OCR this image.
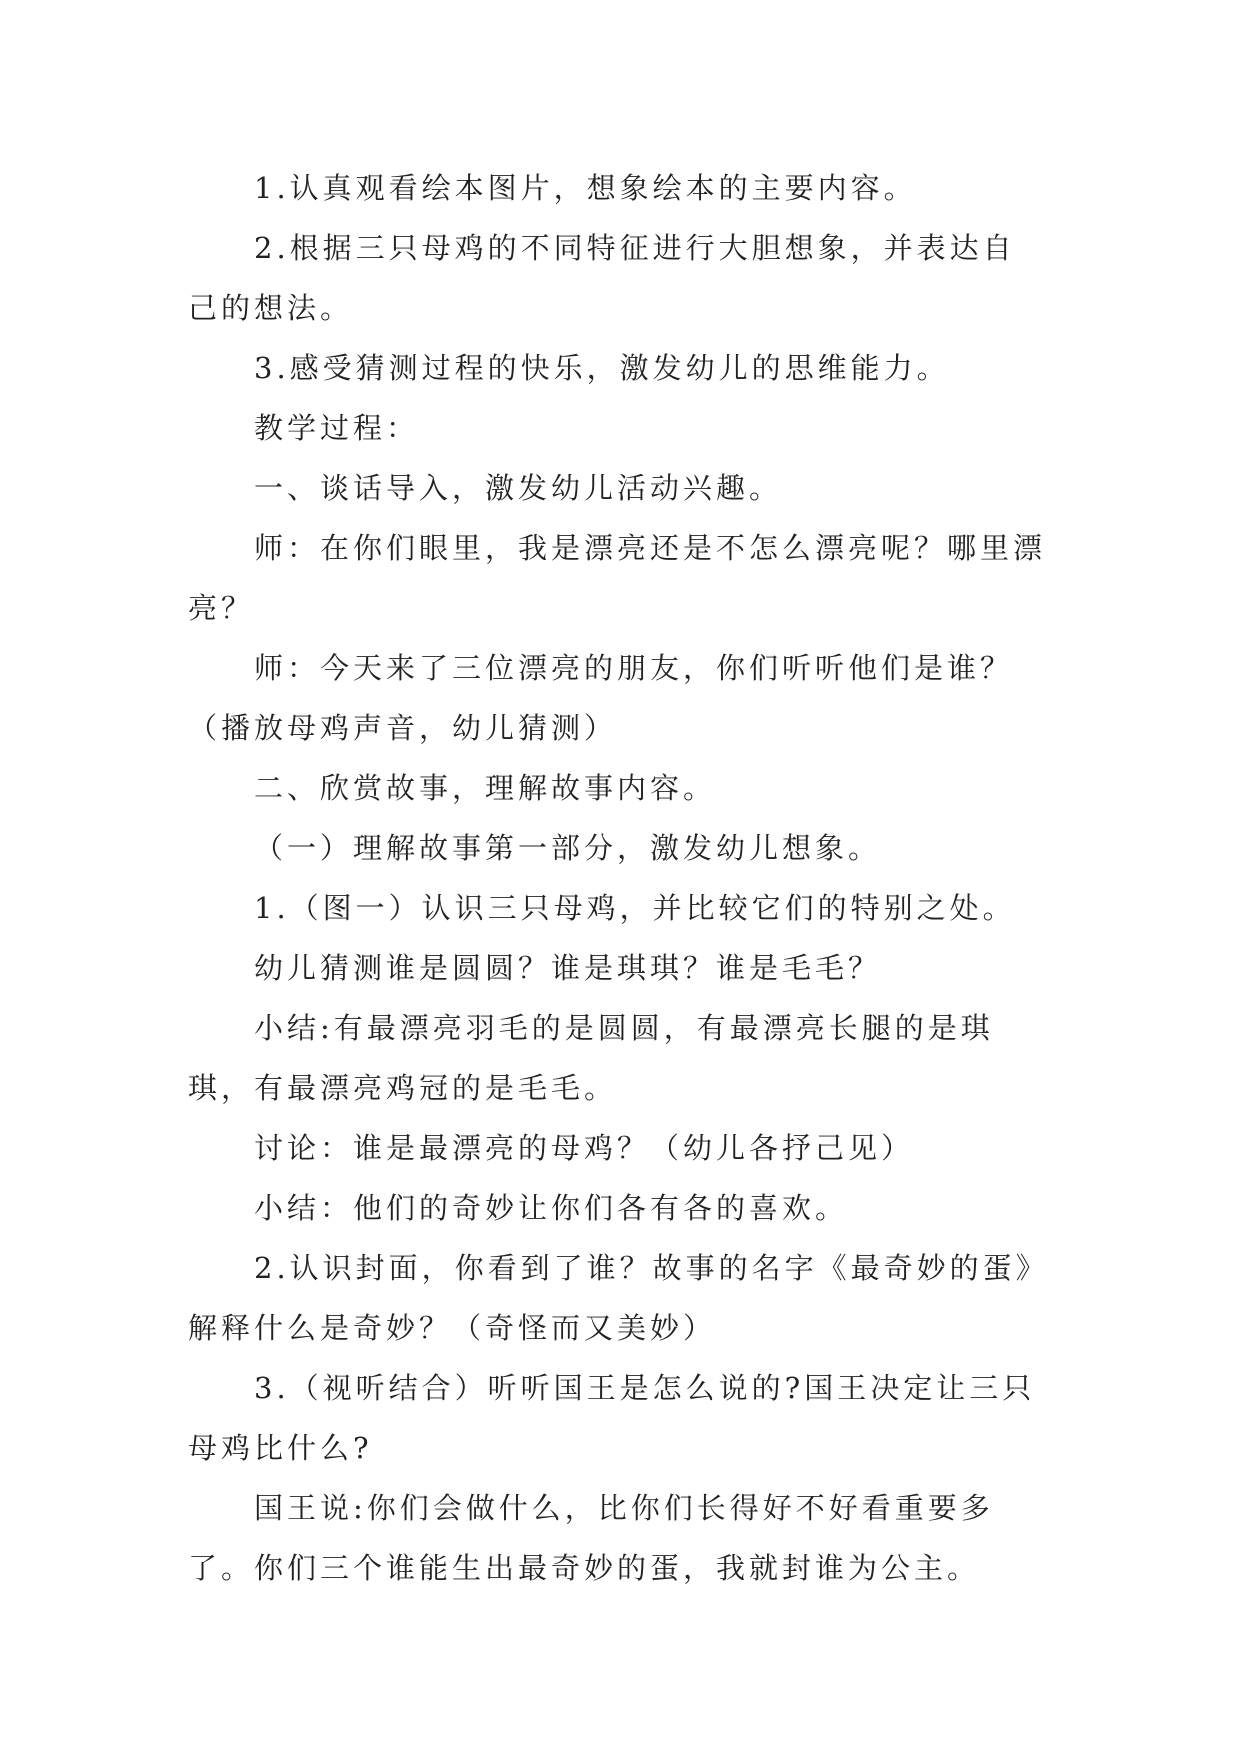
1.认真观看绘本图片，想象绘本的主要内容。

2.根据三只母鸡的不同特征进行大胆想象，并表达自己的想法。

3.感受猜测过程的快乐，激发幼儿的思维能力。

教学过程：

一、谈话导入，激发幼儿活动兴趣。

师：在你们眼里，我是漂亮还是不怎么漂亮呢？哪里漂亮？

师：今天来了三位漂亮的朋友，你们听听他们是谁？（播放母鸡声音，幼儿猜测）

二、欣赏故事，理解故事内容。

（一）理解故事第一部分，激发幼儿想象。

1.（图一）认识三只母鸡，并比较它们的特别之处。

幼儿猜测谁是圆圆？谁是琪琪？谁是毛毛？

小结:有最漂亮羽毛的是圆圆，有最漂亮长腿的是琪琪，有最漂亮鸡冠的是毛毛。

讨论：谁是最漂亮的母鸡？（幼儿各抒己见）

小结：他们的奇妙让你们各有各的喜欢。

2.认识封面，你看到了谁？故事的名字《最奇妙的蛋》解释什么是奇妙？（奇怪而又美妙）

3.（视听结合）听听国王是怎么说的?国王决定让三只母鸡比什么?

国王说:你们会做什么，比你们长得好不好看重要多了。你们三个谁能生出最奇妙的蛋，我就封谁为公主。
